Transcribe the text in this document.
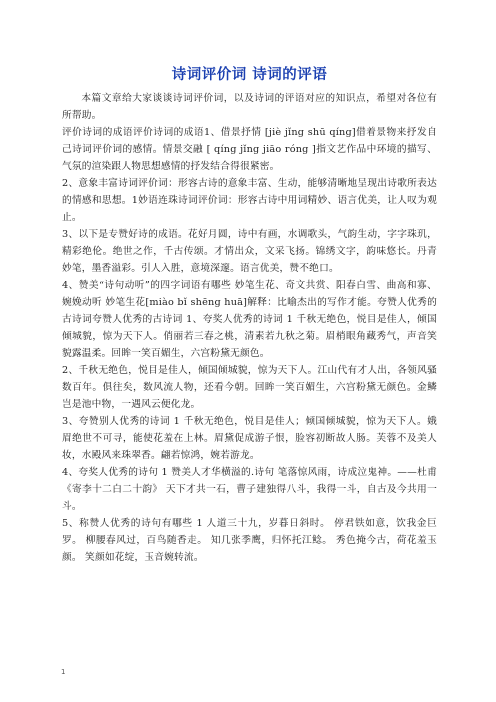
诗词评价词 诗词的评语

本篇文章给大家谈谈诗词评价词，以及诗词的评语对应的知识点，希望对各位有所帮助。

评价诗词的成语评价诗词的成语1、借景抒情 [jiè jǐng shū qíng]借着景物来抒发自己诗词评价词的感情。情景交融 [ qíng jǐng jiāo róng ]指文艺作品中环境的描写、气氛的渲染跟人物思想感情的抒发结合得很紧密。

2、意象丰富诗词评价词：形容古诗的意象丰富、生动，能够清晰地呈现出诗歌所表达的情感和思想。1妙语连珠诗词评价词：形容古诗中用词精妙、语言优美，让人叹为观止。

3、以下是专赞好诗的成语。花好月圆，诗中有画，水调歌头，气韵生动，字字珠玑，精彩绝伦。绝世之作，千古传颂。才情出众，文采飞扬。锦绣文字，韵味悠长。丹青妙笔，墨香溢彩。引人入胜，意境深邃。语言优美，赞不绝口。

4、赞美“诗句动听”的四字词语有哪些 妙笔生花、奇文共赏、阳春白雪、曲高和寡、婉娩动听 妙笔生花[miào bǐ shēng huā]解释：比喻杰出的写作才能。夸赞人优秀的古诗词夸赞人优秀的古诗词 1、夸奖人优秀的诗词 1 千秋无绝色，悦目是佳人，倾国倾城貌，惊为天下人。俏丽若三春之桃，清素若九秋之菊。眉梢眼角藏秀气，声音笑貌露温柔。回眸一笑百媚生，六宫粉黛无颜色。

2、千秋无绝色，悦目是佳人，倾国倾城貌，惊为天下人。江山代有才人出，各领风骚数百年。俱往矣，数风流人物，还看今朝。回眸一笑百媚生，六宫粉黛无颜色。金鳞岂是池中物，一遇风云便化龙。

3、夸赞别人优秀的诗词 1 千秋无绝色，悦目是佳人；倾国倾城貌，惊为天下人。娥眉绝世不可寻，能使花羞在上林。眉黛促成游子恨，脸容初断故人肠。芙蓉不及美人妆，水殿风来珠翠香。翩若惊鸿，婉若游龙。

4、夸奖人优秀的诗句 1 赞美人才华横溢的.诗句 笔落惊风雨，诗成泣鬼神。——杜甫《寄李十二白二十韵》 天下才共一石，曹子建独得八斗，我得一斗，自古及今共用一斗。

5、称赞人优秀的诗句有哪些 1 人道三十九，岁暮日斜时。 停君铁如意，饮我金巨罗。 柳腰春风过，百鸟随香走。 知几张季鹰，归怀托江鲶。 秀色掩今古，荷花羞玉颜。 笑颜如花绽，玉音婉转流。

1
